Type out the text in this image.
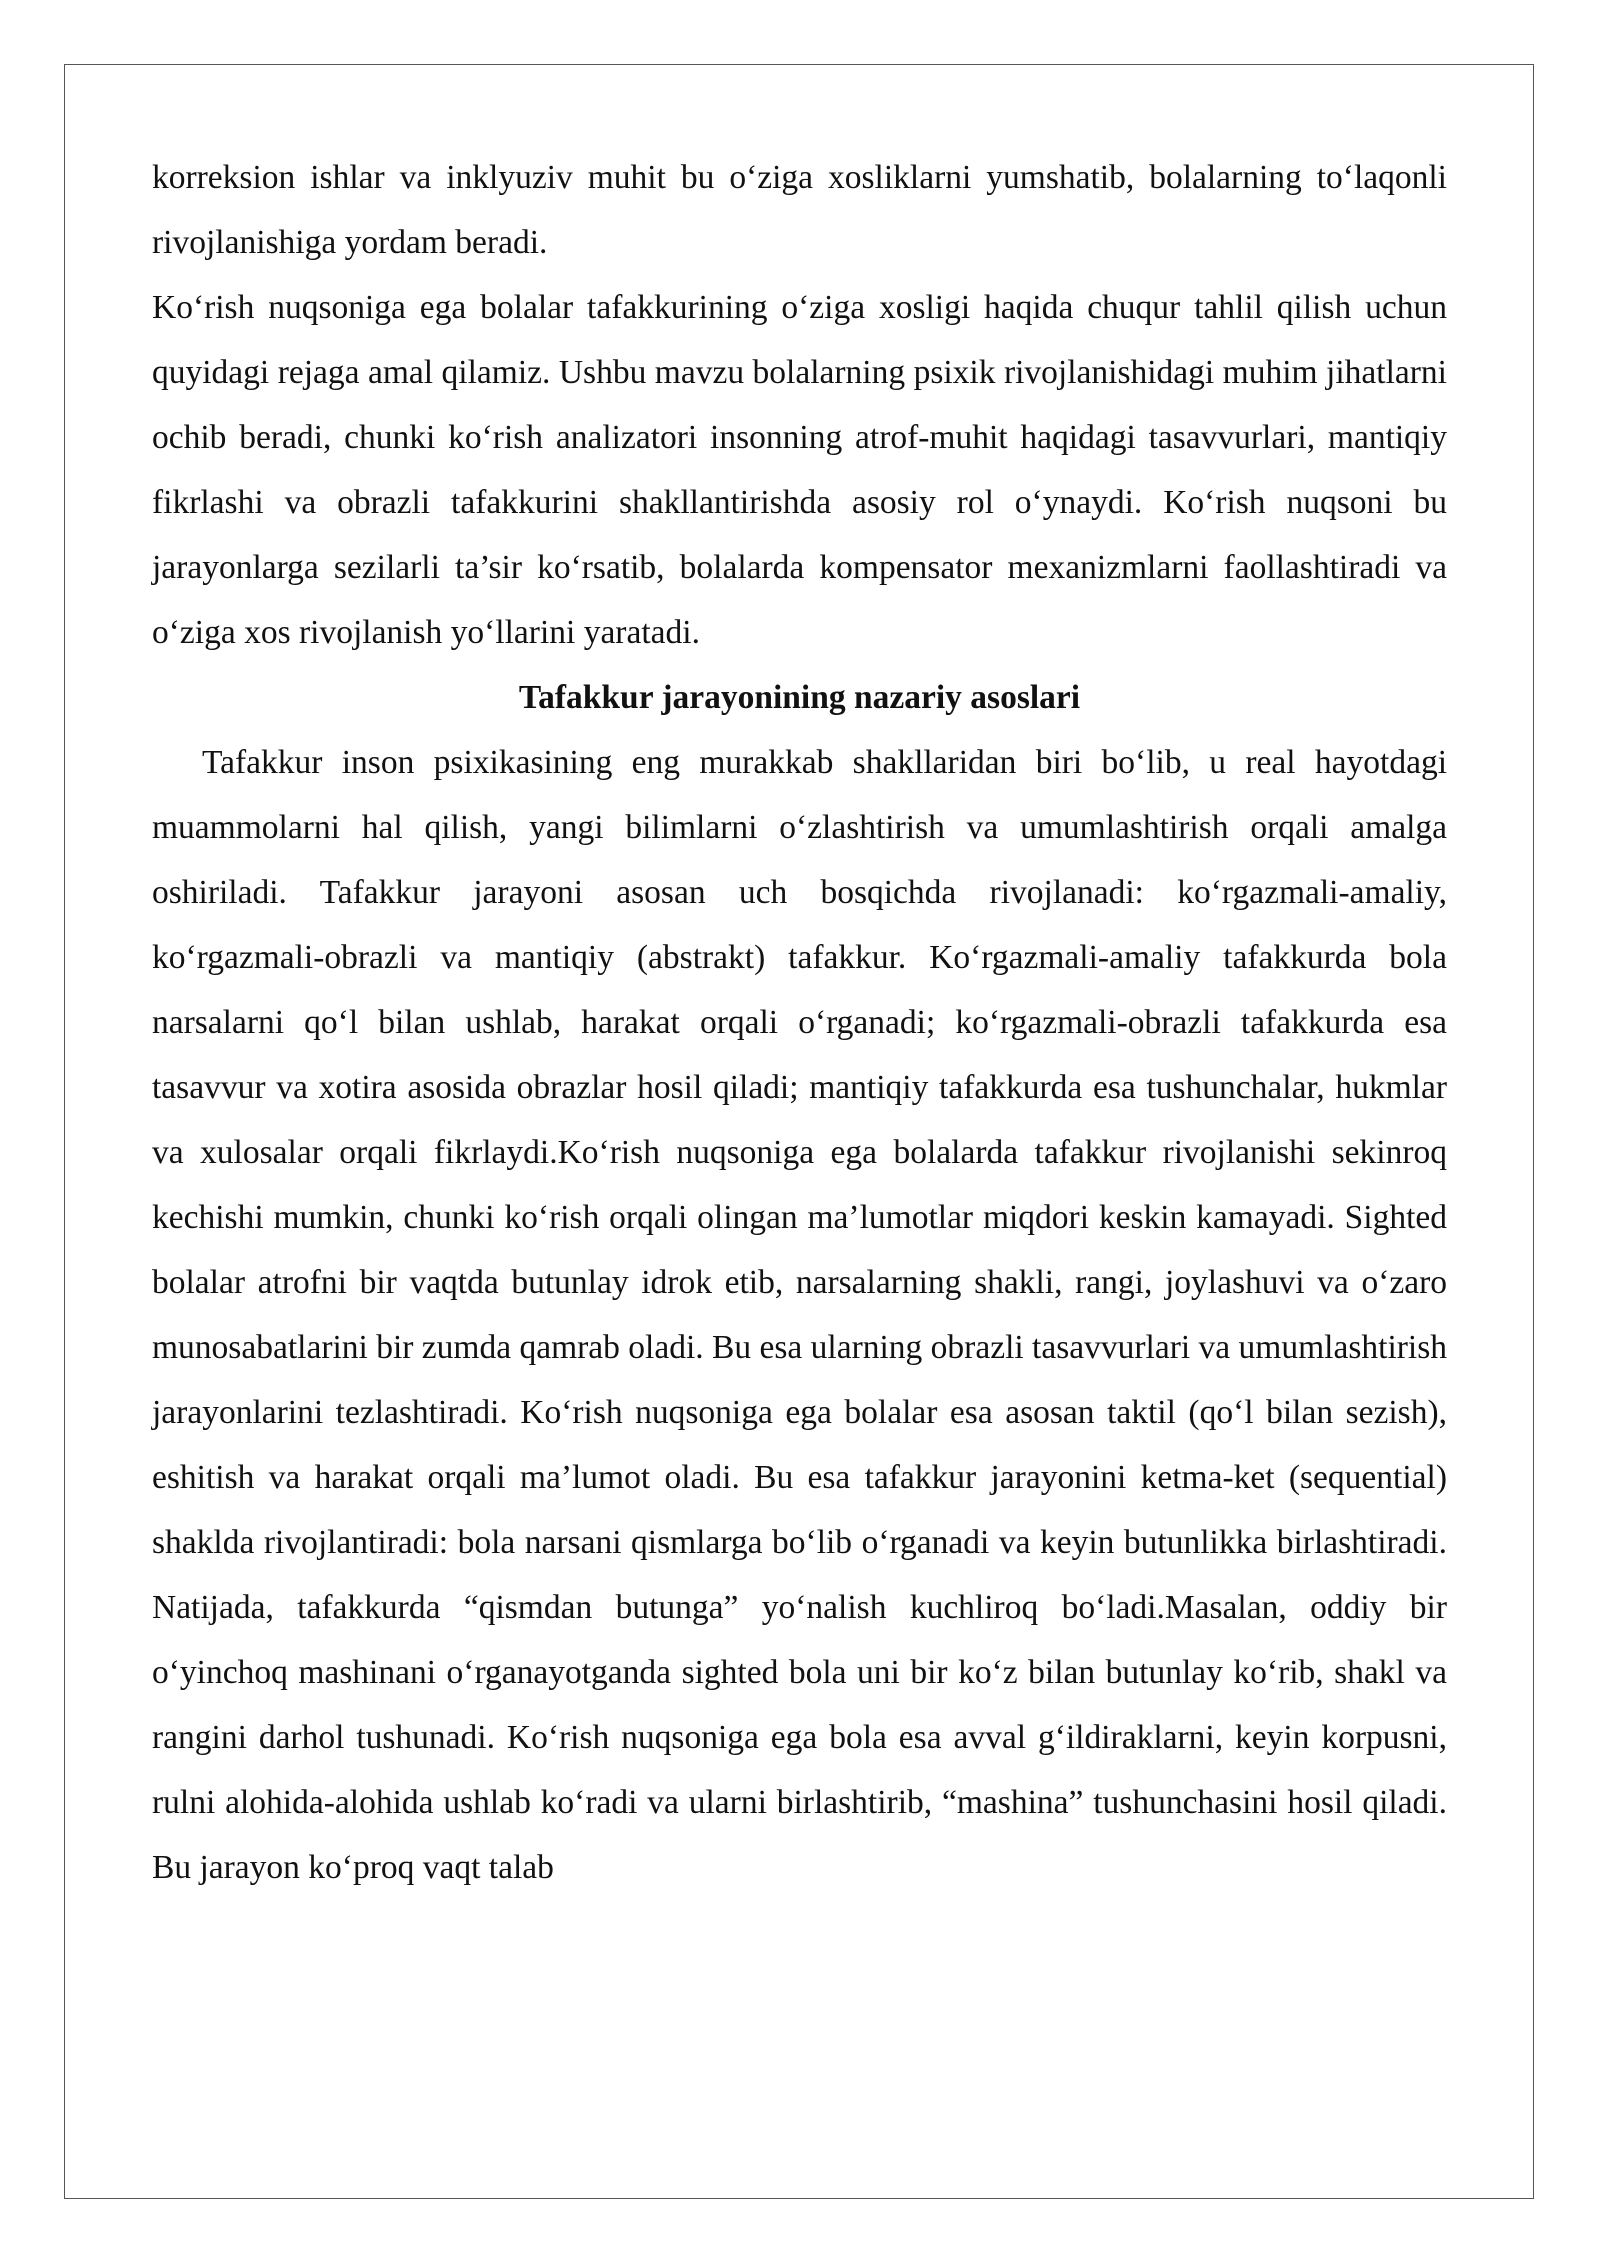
korreksion ishlar va inklyuziv muhit bu o‘ziga xosliklarni yumshatib, bolalarning to‘laqonli rivojlanishiga yordam beradi.

Ko‘rish nuqsoniga ega bolalar tafakkurining o‘ziga xosligi haqida chuqur tahlil qilish uchun quyidagi rejaga amal qilamiz. Ushbu mavzu bolalarning psixik rivojlanishidagi muhim jihatlarni ochib beradi, chunki ko‘rish analizatori insonning atrof-muhit haqidagi tasavvurlari, mantiqiy fikrlashi va obrazli tafakkurini shakllantirishda asosiy rol o‘ynaydi. Ko‘rish nuqsoni bu jarayonlarga sezilarli ta’sir ko‘rsatib, bolalarda kompensator mexanizmlarni faollashtiradi va o‘ziga xos rivojlanish yo‘llarini yaratadi.

Tafakkur jarayonining nazariy asoslari

Tafakkur inson psixikasining eng murakkab shakllaridan biri bo‘lib, u real hayotdagi muammolarni hal qilish, yangi bilimlarni o‘zlashtirish va umumlashtirish orqali amalga oshiriladi. Tafakkur jarayoni asosan uch bosqichda rivojlanadi: ko‘rgazmali-amaliy, ko‘rgazmali-obrazli va mantiqiy (abstrakt) tafakkur. Ko‘rgazmali-amaliy tafakkurda bola narsalarni qo‘l bilan ushlab, harakat orqali o‘rganadi; ko‘rgazmali-obrazli tafakkurda esa tasavvur va xotira asosida obrazlar hosil qiladi; mantiqiy tafakkurda esa tushunchalar, hukmlar va xulosalar orqali fikrlaydi.Ko‘rish nuqsoniga ega bolalarda tafakkur rivojlanishi sekinroq kechishi mumkin, chunki ko‘rish orqali olingan ma’lumotlar miqdori keskin kamayadi. Sighted bolalar atrofni bir vaqtda butunlay idrok etib, narsalarning shakli, rangi, joylashuvi va o‘zaro munosabatlarini bir zumda qamrab oladi. Bu esa ularning obrazli tasavvurlari va umumlashtirish jarayonlarini tezlashtiradi. Ko‘rish nuqsoniga ega bolalar esa asosan taktil (qo‘l bilan sezish), eshitish va harakat orqali ma’lumot oladi. Bu esa tafakkur jarayonini ketma-ket (sequential) shaklda rivojlantiradi: bola narsani qismlarga bo‘lib o‘rganadi va keyin butunlikka birlashtiradi. Natijada, tafakkurda “qismdan butunga” yo‘nalish kuchliroq bo‘ladi.Masalan, oddiy bir o‘yinchoq mashinani o‘rganayotganda sighted bola uni bir ko‘z bilan butunlay ko‘rib, shakl va rangini darhol tushunadi. Ko‘rish nuqsoniga ega bola esa avval g‘ildiraklarni, keyin korpusni, rulni alohida-alohida ushlab ko‘radi va ularni birlashtirib, “mashina” tushunchasini hosil qiladi. Bu jarayon ko‘proq vaqt talab
